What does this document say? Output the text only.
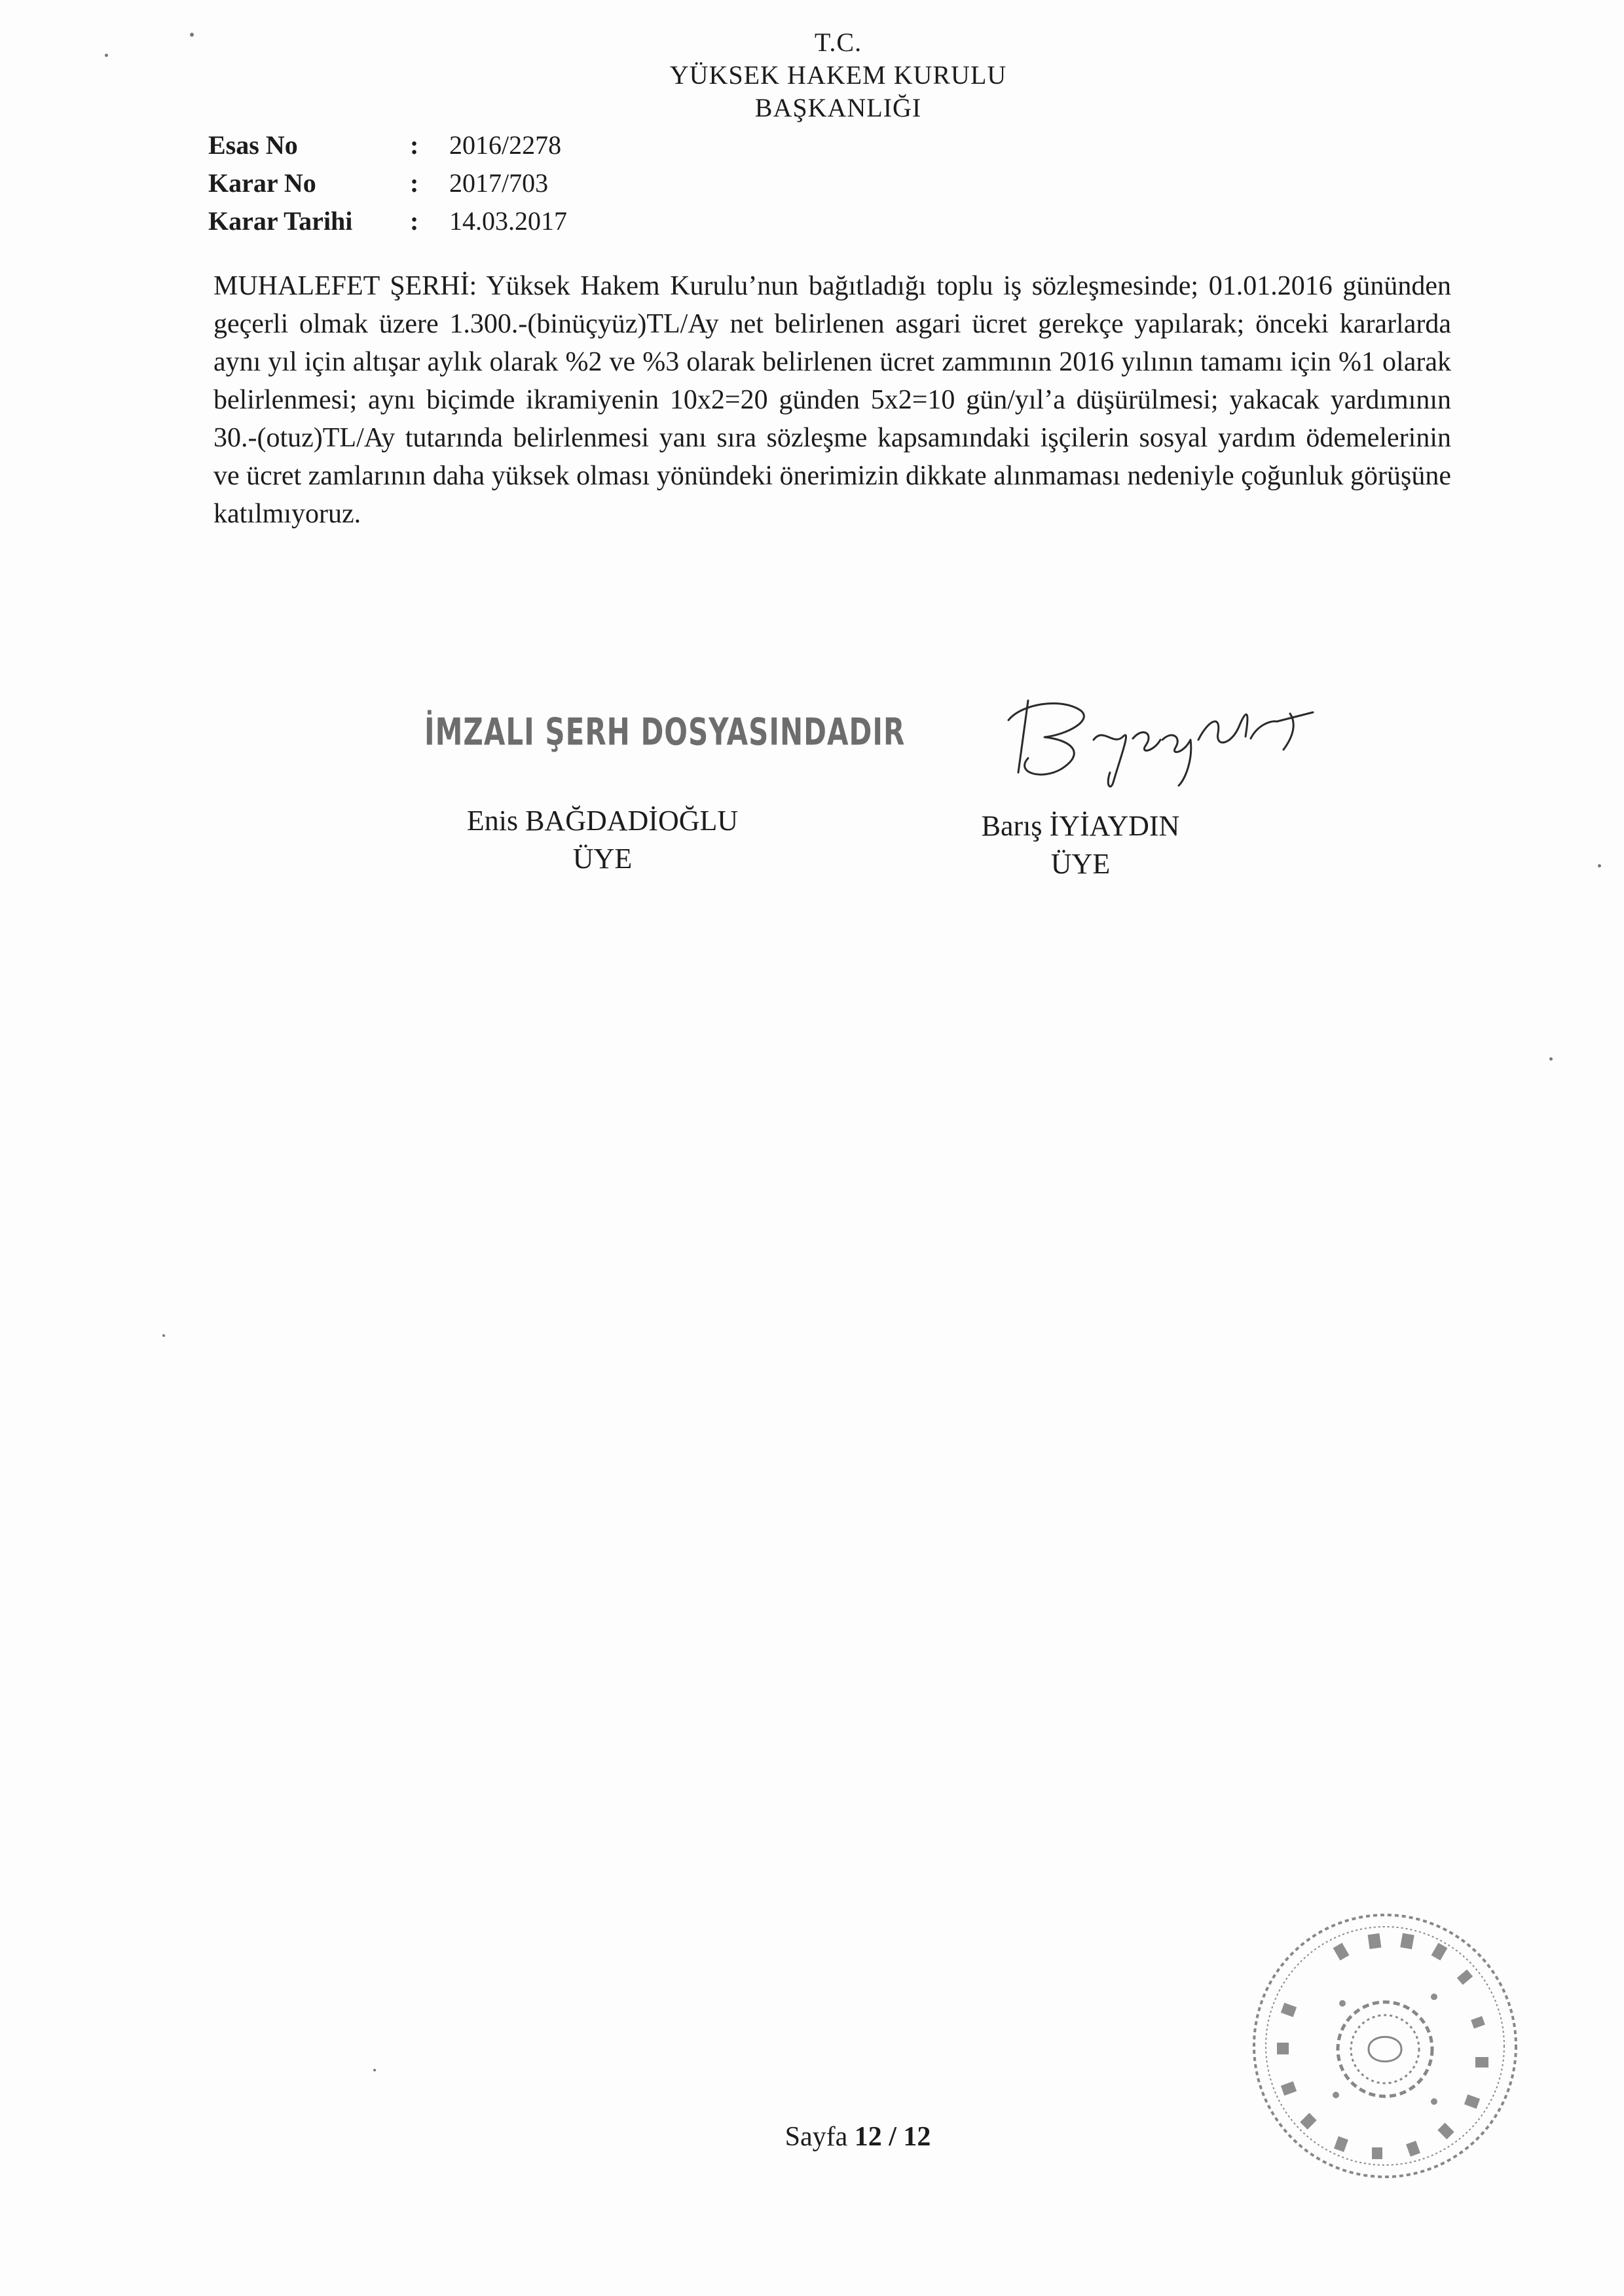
T.C.
YÜKSEK HAKEM KURULU
BAŞKANLIĞI
Esas No	:	2016/2278
Karar No	:	2017/703
Karar Tarihi	:	14.03.2017
MUHALEFET ŞERHİ: Yüksek Hakem Kurulu’nun bağıtladığı toplu iş sözleşmesinde; 01.01.2016 gününden geçerli olmak üzere 1.300.-(binüçyüz)TL/Ay net belirlenen asgari ücret gerekçe yapılarak; önceki kararlarda aynı yıl için altışar aylık olarak %2 ve %3 olarak belirlenen ücret zammının 2016 yılının tamamı için %1 olarak belirlenmesi; aynı biçimde ikramiyenin 10x2=20 günden 5x2=10 gün/yıl’a düşürülmesi; yakacak yardımının 30.-(otuz)TL/Ay tutarında belirlenmesi yanı sıra sözleşme kapsamındaki işçilerin sosyal yardım ödemelerinin ve ücret zamlarının daha yüksek olması yönündeki önerimizin dikkate alınmaması nedeniyle çoğunluk görüşüne katılmıyoruz.
İMZALI ŞERH DOSYASINDADIR
Enis BAĞDADİOĞLU
ÜYE
Barış İYİAYDIN
ÜYE
Sayfa 12 / 12
